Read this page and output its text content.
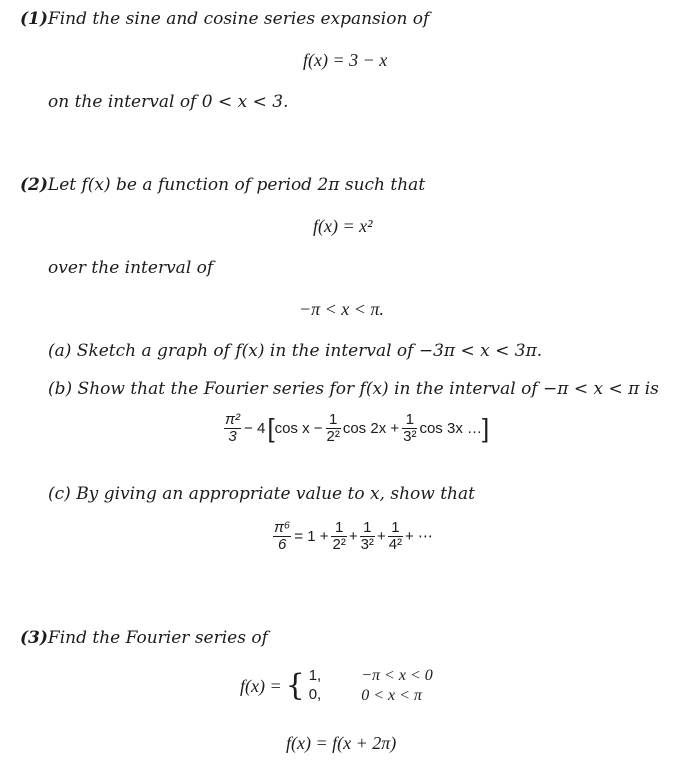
(1)Find the sine and cosine series expansion of
f(x) = 3 − x
on the interval of 0 < x < 3.
(2)Let f(x) be a function of period 2π such that
f(x) = x²
over the interval of
−π < x < π.
(a) Sketch a graph of f(x) in the interval of −3π < x < 3π.
(b) Show that the Fourier series for f(x) in the interval of −π < x < π is
$\frac{\text{π²}}{3} - 4$ [ $\cos x - \frac{1}{\text{2²}}$ $\cos 2x + \frac{1}{\text{3²}}$ cos 3x … ]
(c) By giving an appropriate value to x, show that
$\frac{\text{π⁶}}{6} = 1 + \frac{1}{\text{2²}} + \frac{1}{\text{3²}} + \frac{1}{\text{4²}}$ + ⋯
(3)Find the Fourier series of
f(x) = { 1,
0,
−π < x < 0
0 < x < π
f(x) = f(x + 2π)
